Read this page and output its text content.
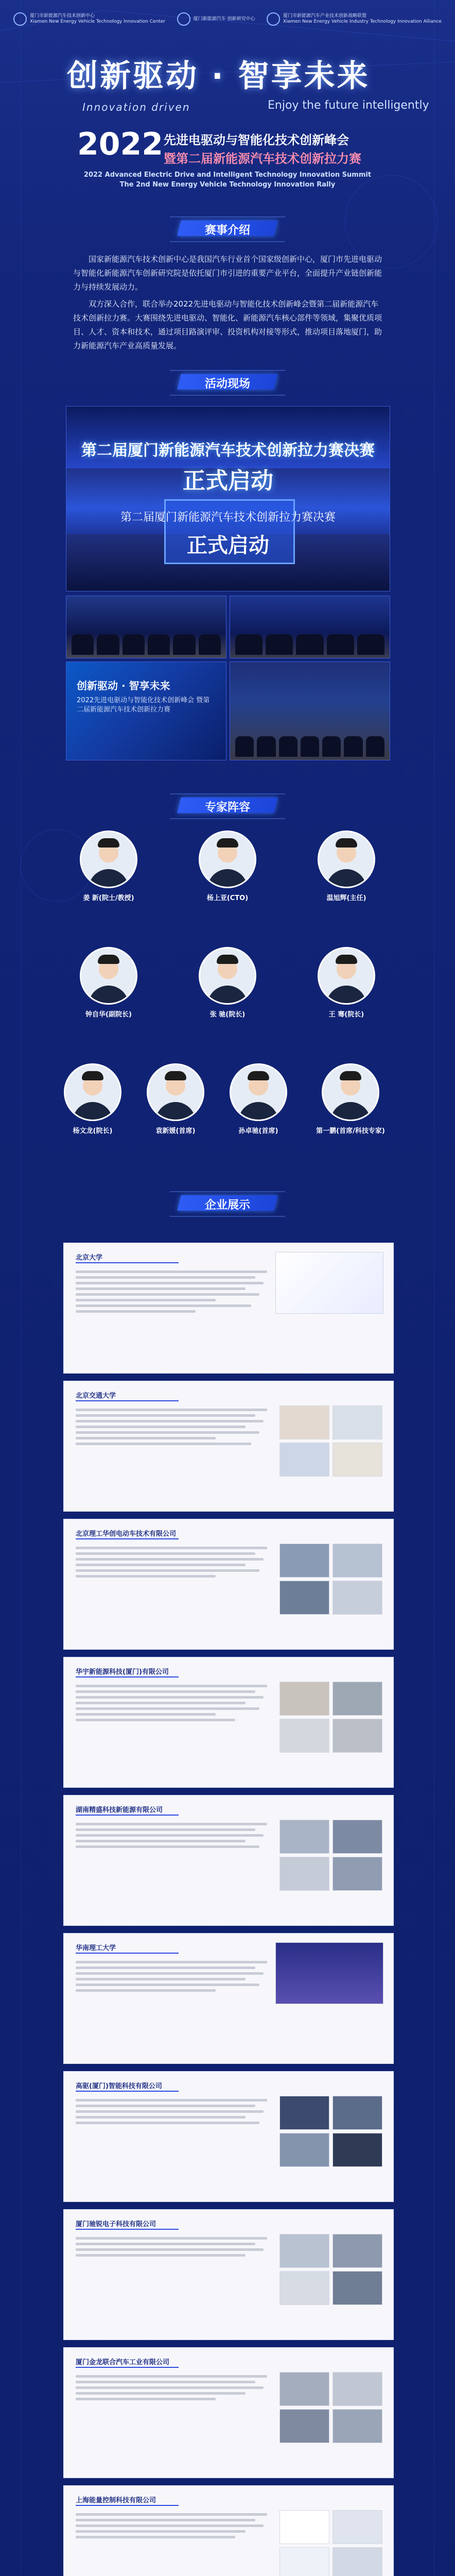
厦门市新能源汽车技术创新中心
Xiamen New Energy Vehicle Technology Innovation Center
厦门新能源汽车 创新研究中心
厦门市新能源汽车产业技术创新战略联盟
Xiamen New Energy Vehicle Industry Technology Innovation Alliance
创新驱动 · 智享未来
Innovation driven	Enjoy the future intelligently
2022 先进电驱动与智能化技术创新峰会
暨第二届新能源汽车技术创新拉力赛
2022 Advanced Electric Drive and Intelligent Technology Innovation Summit
The 2nd New Energy Vehicle Technology Innovation Rally
赛事介绍

国家新能源汽车技术创新中心是我国汽车行业首个国家级创新中心，厦门市先进电驱动与智能化新能源汽车创新研究院是依托厦门市引进的重要产业平台，全面提升产业链创新能力与持续发展动力。

双方深入合作，联合举办2022先进电驱动与智能化技术创新峰会暨第二届新能源汽车技术创新拉力赛。大赛围绕先进电驱动、智能化、新能源汽车核心部件等领域，集聚优质项目、人才、资本和技术，通过项目路演评审、投资机构对接等形式，推动项目落地厦门，助力新能源汽车产业高质量发展。

活动现场
第二届厦门新能源汽车技术创新拉力赛决赛
正式启动
第二届厦门新能源汽车技术创新拉力赛决赛
正式启动
创新驱动 · 智享未来
2022先进电驱动与智能化技术创新峰会 暨第二届新能源汽车技术创新拉力赛
专家阵容
姜 新(院士/教授)	杨上亚(CTO)	温旭辉(主任)
钟自华(副院长)	张 驰(院长)	王 骞(院长)
杨文龙(院长)	袁新媛(首席)	孙卓驰(首席)	第一鹏(首席/科技专家)
企业展示
北京大学
北京交通大学
北京理工华创电动车技术有限公司
华宇新能源科技(厦门)有限公司
湖南精盛科技新能源有限公司
华南理工大学
高驱(厦门)智能科技有限公司
厦门驰锐电子科技有限公司
厦门金龙联合汽车工业有限公司
上海能量控制科技有限公司
